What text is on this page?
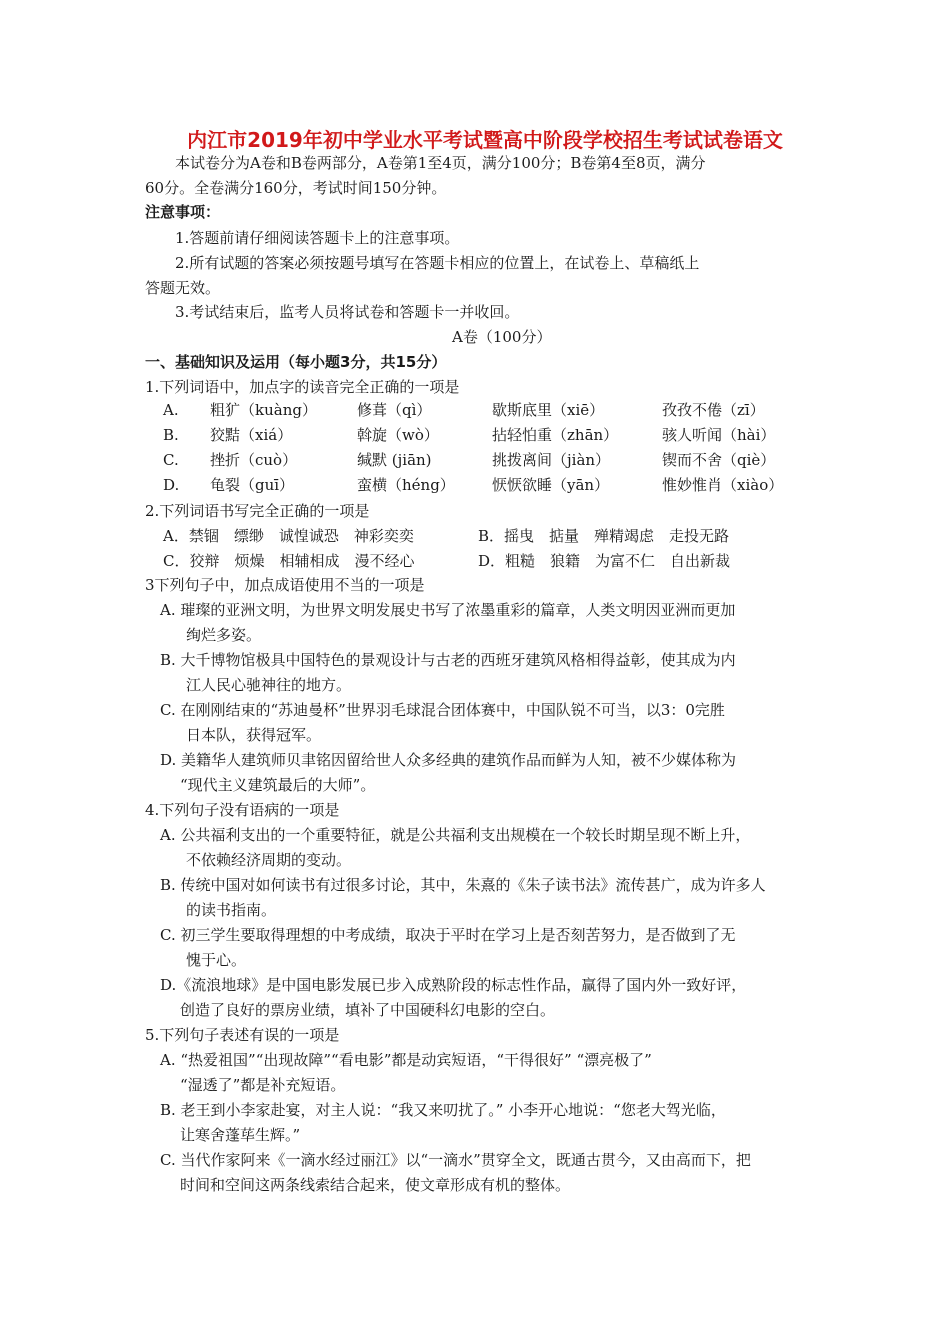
内江市2019年初中学业水平考试暨高中阶段学校招生考试试卷语文
本试卷分为A卷和B卷两部分，A卷第1至4页，满分100分；B卷第4至8页，满分
60分。全卷满分160分，考试时间150分钟。
注意事项：
1.答题前请仔细阅读答题卡上的注意事项。
2.所有试题的答案必须按题号填写在答题卡相应的位置上，在试卷上、草稿纸上
答题无效。
3.考试结束后，监考人员将试卷和答题卡一并收回。
A卷（100分）
一、基础知识及运用（每小题3分，共15分）
1.下列词语中，加点字的读音完全正确的一项是
A. 粗犷（kuàng）	修葺（qì）	歇斯底里（xiē）	孜孜不倦（zī）
B. 狡黠（xiá）	斡旋（wò）	拈轻怕重（zhān）	骇人听闻（hài）
C. 挫折（cuò）	缄默 (jiān)	挑拨离间（jiàn）	锲而不舍（qiè）
D. 龟裂（guī）	蛮横（héng） 恹恹欲睡（yān）	惟妙惟肖（xiào）
2.下列词语书写完全正确的一项是
A．禁锢　缥缈　诚惶诚恐　神彩奕奕	B．摇曳　掂量　殚精竭虑　走投无路
C．狡辩　烦燥　相辅相成　漫不经心	D．粗糙　狼籍　为富不仁　自出新裁
3下列句子中，加点成语使用不当的一项是
A. 璀璨的亚洲文明，为世界文明发展史书写了浓墨重彩的篇章，人类文明因亚洲而更加
绚烂多姿。
B. 大千博物馆极具中国特色的景观设计与古老的西班牙建筑风格相得益彰，使其成为内
江人民心驰神往的地方。
C. 在刚刚结束的“苏迪曼杯”世界羽毛球混合团体赛中，中国队锐不可当，以3：0完胜
日本队，获得冠军。
D. 美籍华人建筑师贝聿铭因留给世人众多经典的建筑作品而鲜为人知，被不少媒体称为
“现代主义建筑最后的大师”。
4.下列句子没有语病的一项是
A. 公共福利支出的一个重要特征，就是公共福利支出规模在一个较长时期呈现不断上升，
不依赖经济周期的变动。
B. 传统中国对如何读书有过很多讨论，其中，朱熹的《朱子读书法》流传甚广，成为许多人
的读书指南。
C. 初三学生要取得理想的中考成绩，取决于平时在学习上是否刻苦努力，是否做到了无
愧于心。
D.《流浪地球》是中国电影发展已步入成熟阶段的标志性作品，赢得了国内外一致好评，
创造了良好的票房业绩，填补了中国硬科幻电影的空白。
5.下列句子表述有误的一项是
A. “热爱祖国”“出现故障”“看电影”都是动宾短语，“干得很好” “漂亮极了”
“湿透了”都是补充短语。
B. 老王到小李家赴宴，对主人说：“我又来叨扰了。” 小李开心地说：“您老大驾光临，
让寒舍蓬荜生辉。”
C. 当代作家阿来《一滴水经过丽江》以“一滴水”贯穿全文，既通古贯今，又由高而下，把
时间和空间这两条线索结合起来，使文章形成有机的整体。
